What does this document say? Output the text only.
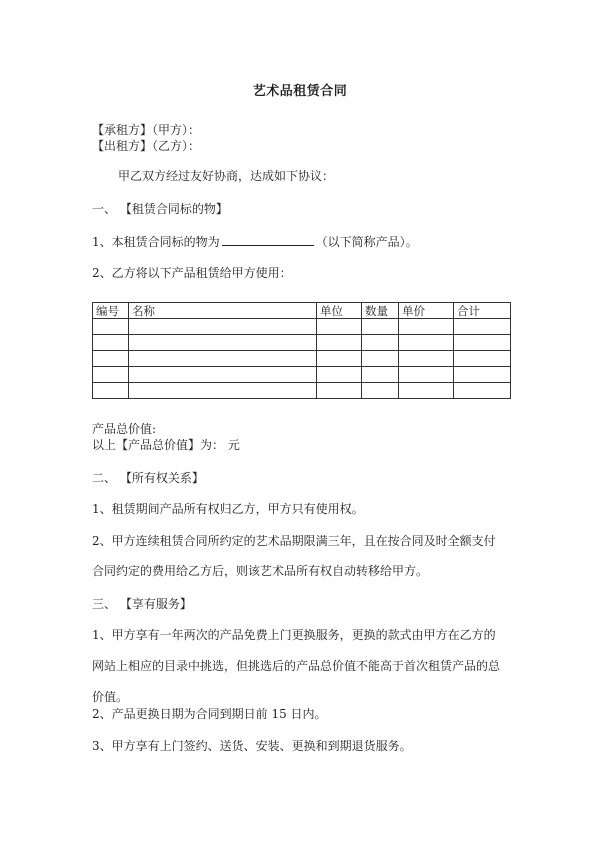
艺术品租赁合同
【承租方】（甲方）：
【出租方】（乙方）：
甲乙双方经过友好协商，达成如下协议：
一、 【租赁合同标的物】
1、本租赁合同标的物为	（以下简称产品）。
2、乙方将以下产品租赁给甲方使用：
编号	名称	单位	数量	单价	合计

产品总价值:
以上【产品总价值】为： 元
二、 【所有权关系】
1、租赁期间产品所有权归乙方，甲方只有使用权。
2、甲方连续租赁合同所约定的艺术品期限满三年，且在按合同及时全额支付
合同约定的费用给乙方后，则该艺术品所有权自动转移给甲方。
三、 【享有服务】
1、甲方享有一年两次的产品免费上门更换服务，更换的款式由甲方在乙方的
网站上相应的目录中挑选，但挑选后的产品总价值不能高于首次租赁产品的总
价值。
2、产品更换日期为合同到期日前 15 日内。
3、甲方享有上门签约、送货、安装、更换和到期退货服务。
